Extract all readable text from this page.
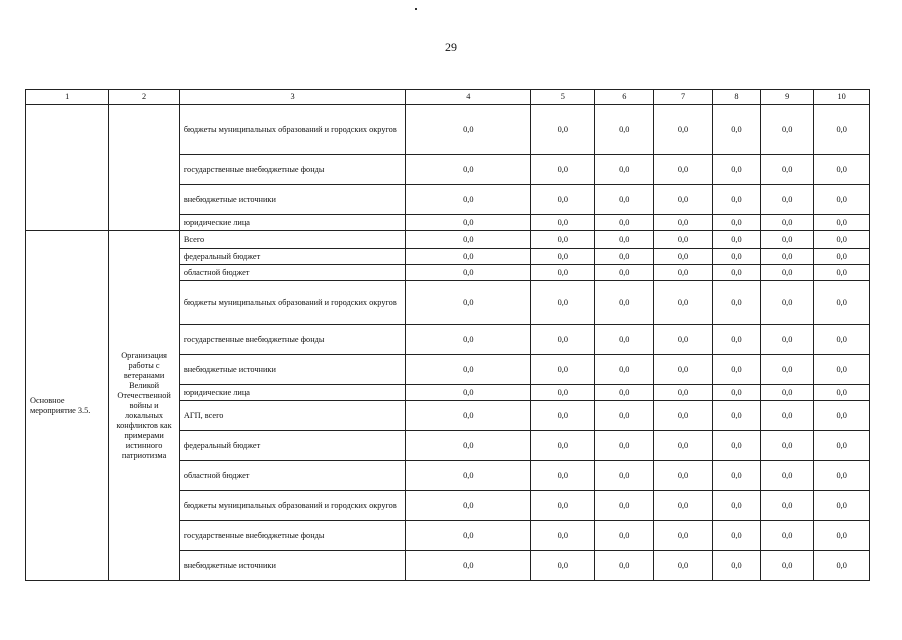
29
1	2	3	4	5	6	7	8	9	10
		бюджеты муниципальных образований и городских округов	0,0	0,0	0,0	0,0	0,0	0,0	0,0
		государственные внебюджетные фонды	0,0	0,0	0,0	0,0	0,0	0,0	0,0
		внебюджетные источники	0,0	0,0	0,0	0,0	0,0	0,0	0,0
		юридические лица	0,0	0,0	0,0	0,0	0,0	0,0	0,0
Основное мероприятие 3.5.	Организация работы с ветеранами Великой Отечественной войны и локальных конфликтов как примерами истинного патриотизма	Всего	0,0	0,0	0,0	0,0	0,0	0,0	0,0
		федеральный бюджет	0,0	0,0	0,0	0,0	0,0	0,0	0,0
		областной бюджет	0,0	0,0	0,0	0,0	0,0	0,0	0,0
		бюджеты муниципальных образований и городских округов	0,0	0,0	0,0	0,0	0,0	0,0	0,0
		государственные внебюджетные фонды	0,0	0,0	0,0	0,0	0,0	0,0	0,0
		внебюджетные источники	0,0	0,0	0,0	0,0	0,0	0,0	0,0
		юридические лица	0,0	0,0	0,0	0,0	0,0	0,0	0,0
		АГП, всего	0,0	0,0	0,0	0,0	0,0	0,0	0,0
		федеральный бюджет	0,0	0,0	0,0	0,0	0,0	0,0	0,0
		областной бюджет	0,0	0,0	0,0	0,0	0,0	0,0	0,0
		бюджеты муниципальных образований и городских округов	0,0	0,0	0,0	0,0	0,0	0,0	0,0
		государственные внебюджетные фонды	0,0	0,0	0,0	0,0	0,0	0,0	0,0
		внебюджетные источники	0,0	0,0	0,0	0,0	0,0	0,0	0,0
